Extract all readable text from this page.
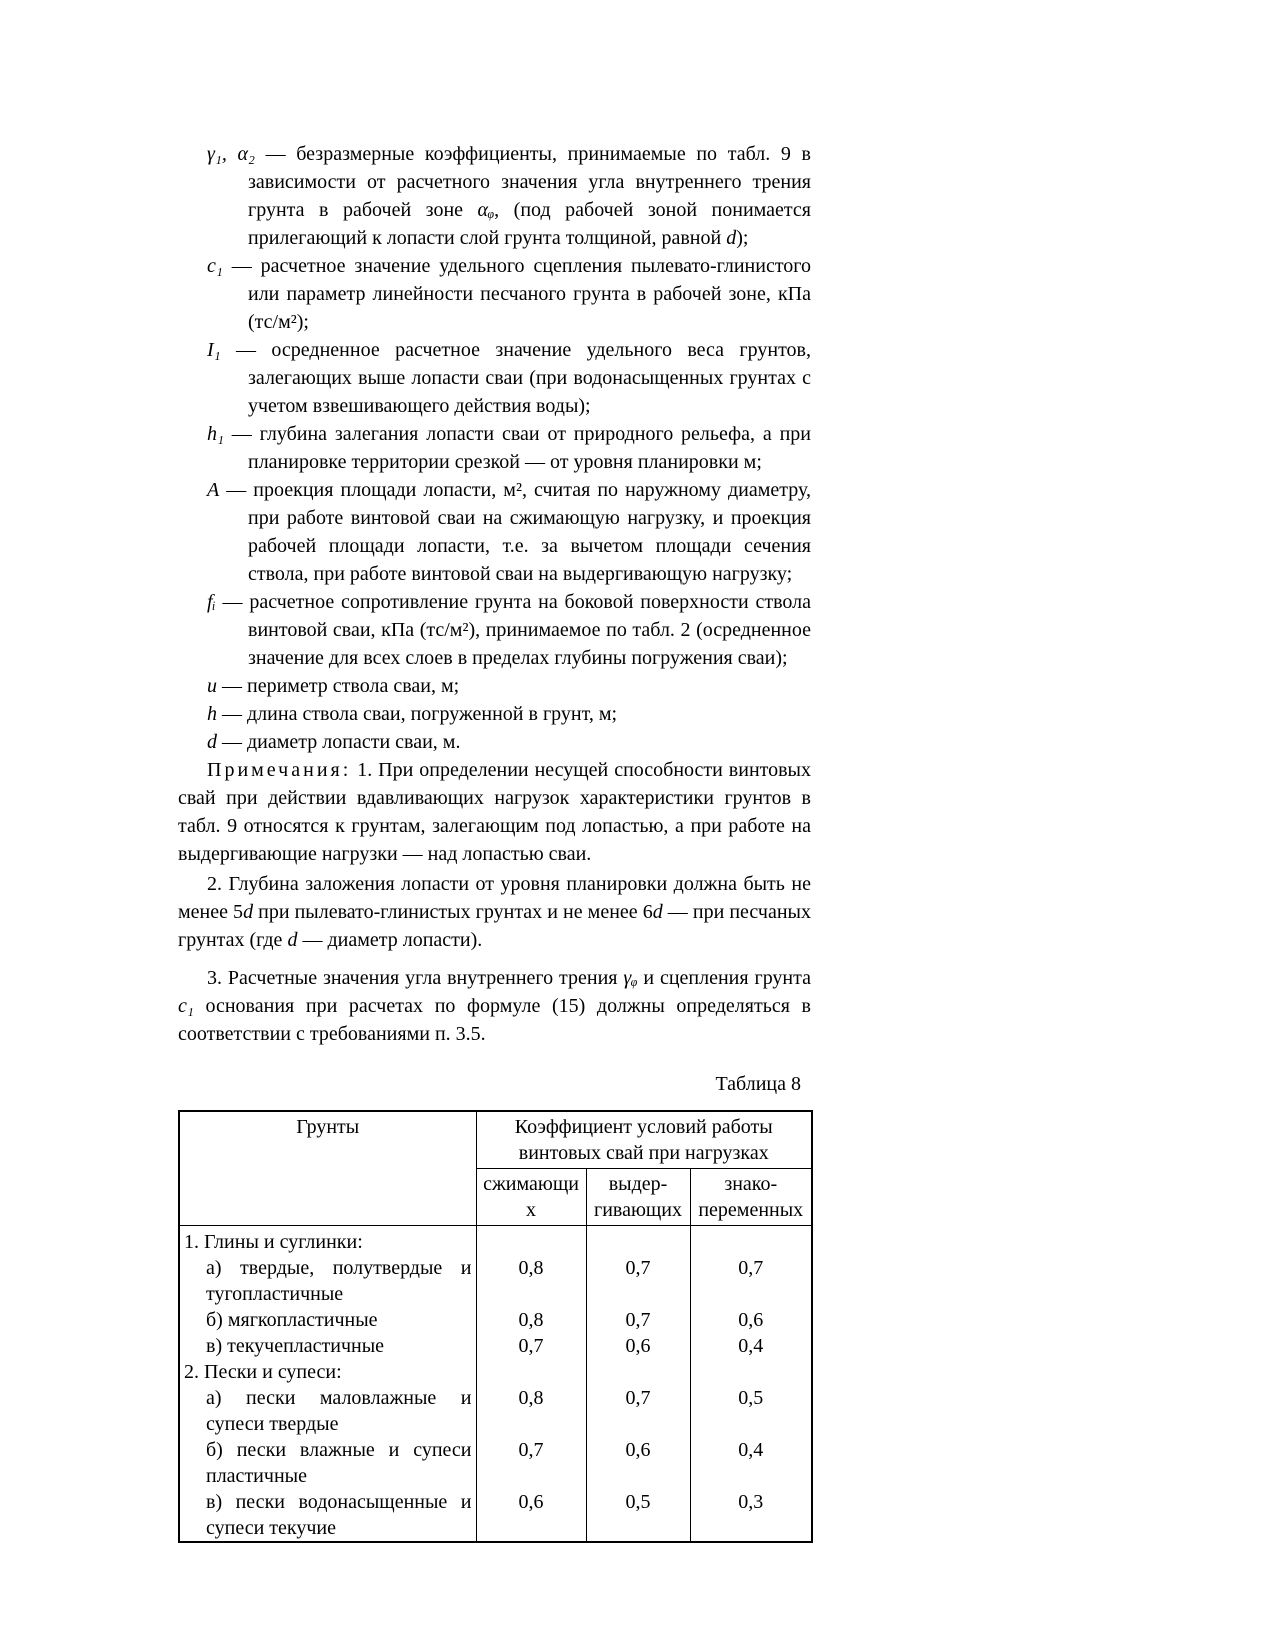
γ₁, α₂ — безразмерные коэффициенты, принимаемые по табл. 9 в зависимости от расчетного значения угла внутреннего трения грунта в рабочей зоне αᵩ, (под рабочей зоной понимается прилегающий к лопасти слой грунта толщиной, равной d);

c₁ — расчетное значение удельного сцепления пылевато-глинистого или параметр линейности песчаного грунта в рабочей зоне, кПа (тс/м²);

I₁ — осредненное расчетное значение удельного веса грунтов, залегающих выше лопасти сваи (при водонасыщенных грунтах с учетом взвешивающего действия воды);

h₁ — глубина залегания лопасти сваи от природного рельефа, а при планировке территории срезкой — от уровня планировки м;

A — проекция площади лопасти, м², считая по наружному диаметру, при работе винтовой сваи на сжимающую нагрузку, и проекция рабочей площади лопасти, т.е. за вычетом площади сечения ствола, при работе винтовой сваи на выдергивающую нагрузку;

fᵢ — расчетное сопротивление грунта на боковой поверхности ствола винтовой сваи, кПа (тс/м²), принимаемое по табл. 2 (осредненное значение для всех слоев в пределах глубины погружения сваи);

u — периметр ствола сваи, м;

h — длина ствола сваи, погруженной в грунт, м;

d — диаметр лопасти сваи, м.

Примечания: 1. При определении несущей способности винтовых свай при действии вдавливающих нагрузок характеристики грунтов в табл. 9 относятся к грунтам, залегающим под лопастью, а при работе на выдергивающие нагрузки — над лопастью сваи.

2. Глубина заложения лопасти от уровня планировки должна быть не менее 5d при пылевато-глинистых грунтах и не менее 6d — при песчаных грунтах (где d — диаметр лопасти).

3. Расчетные значения угла внутреннего трения γᵩ и сцепления грунта c₁ основания при расчетах по формуле (15) должны определяться в соответствии с требованиями п. 3.5.

Таблица 8

Грунты	Коэффициент условий работы винтовых свай при нагрузках		
	сжимающих	выдер-гивающих	знако-переменных
1. Глины и суглинки:			
а) твердые, полутвердые и тугопластичные	0,8	0,7	0,7
б) мягкопластичные	0,8	0,7	0,6
в) текучепластичные	0,7	0,6	0,4
2. Пески и супеси:			
а) пески маловлажные и супеси твердые	0,8	0,7	0,5
б) пески влажные и супеси пластичные	0,7	0,6	0,4
в) пески водонасыщенные и супеси текучие	0,6	0,5	0,3
